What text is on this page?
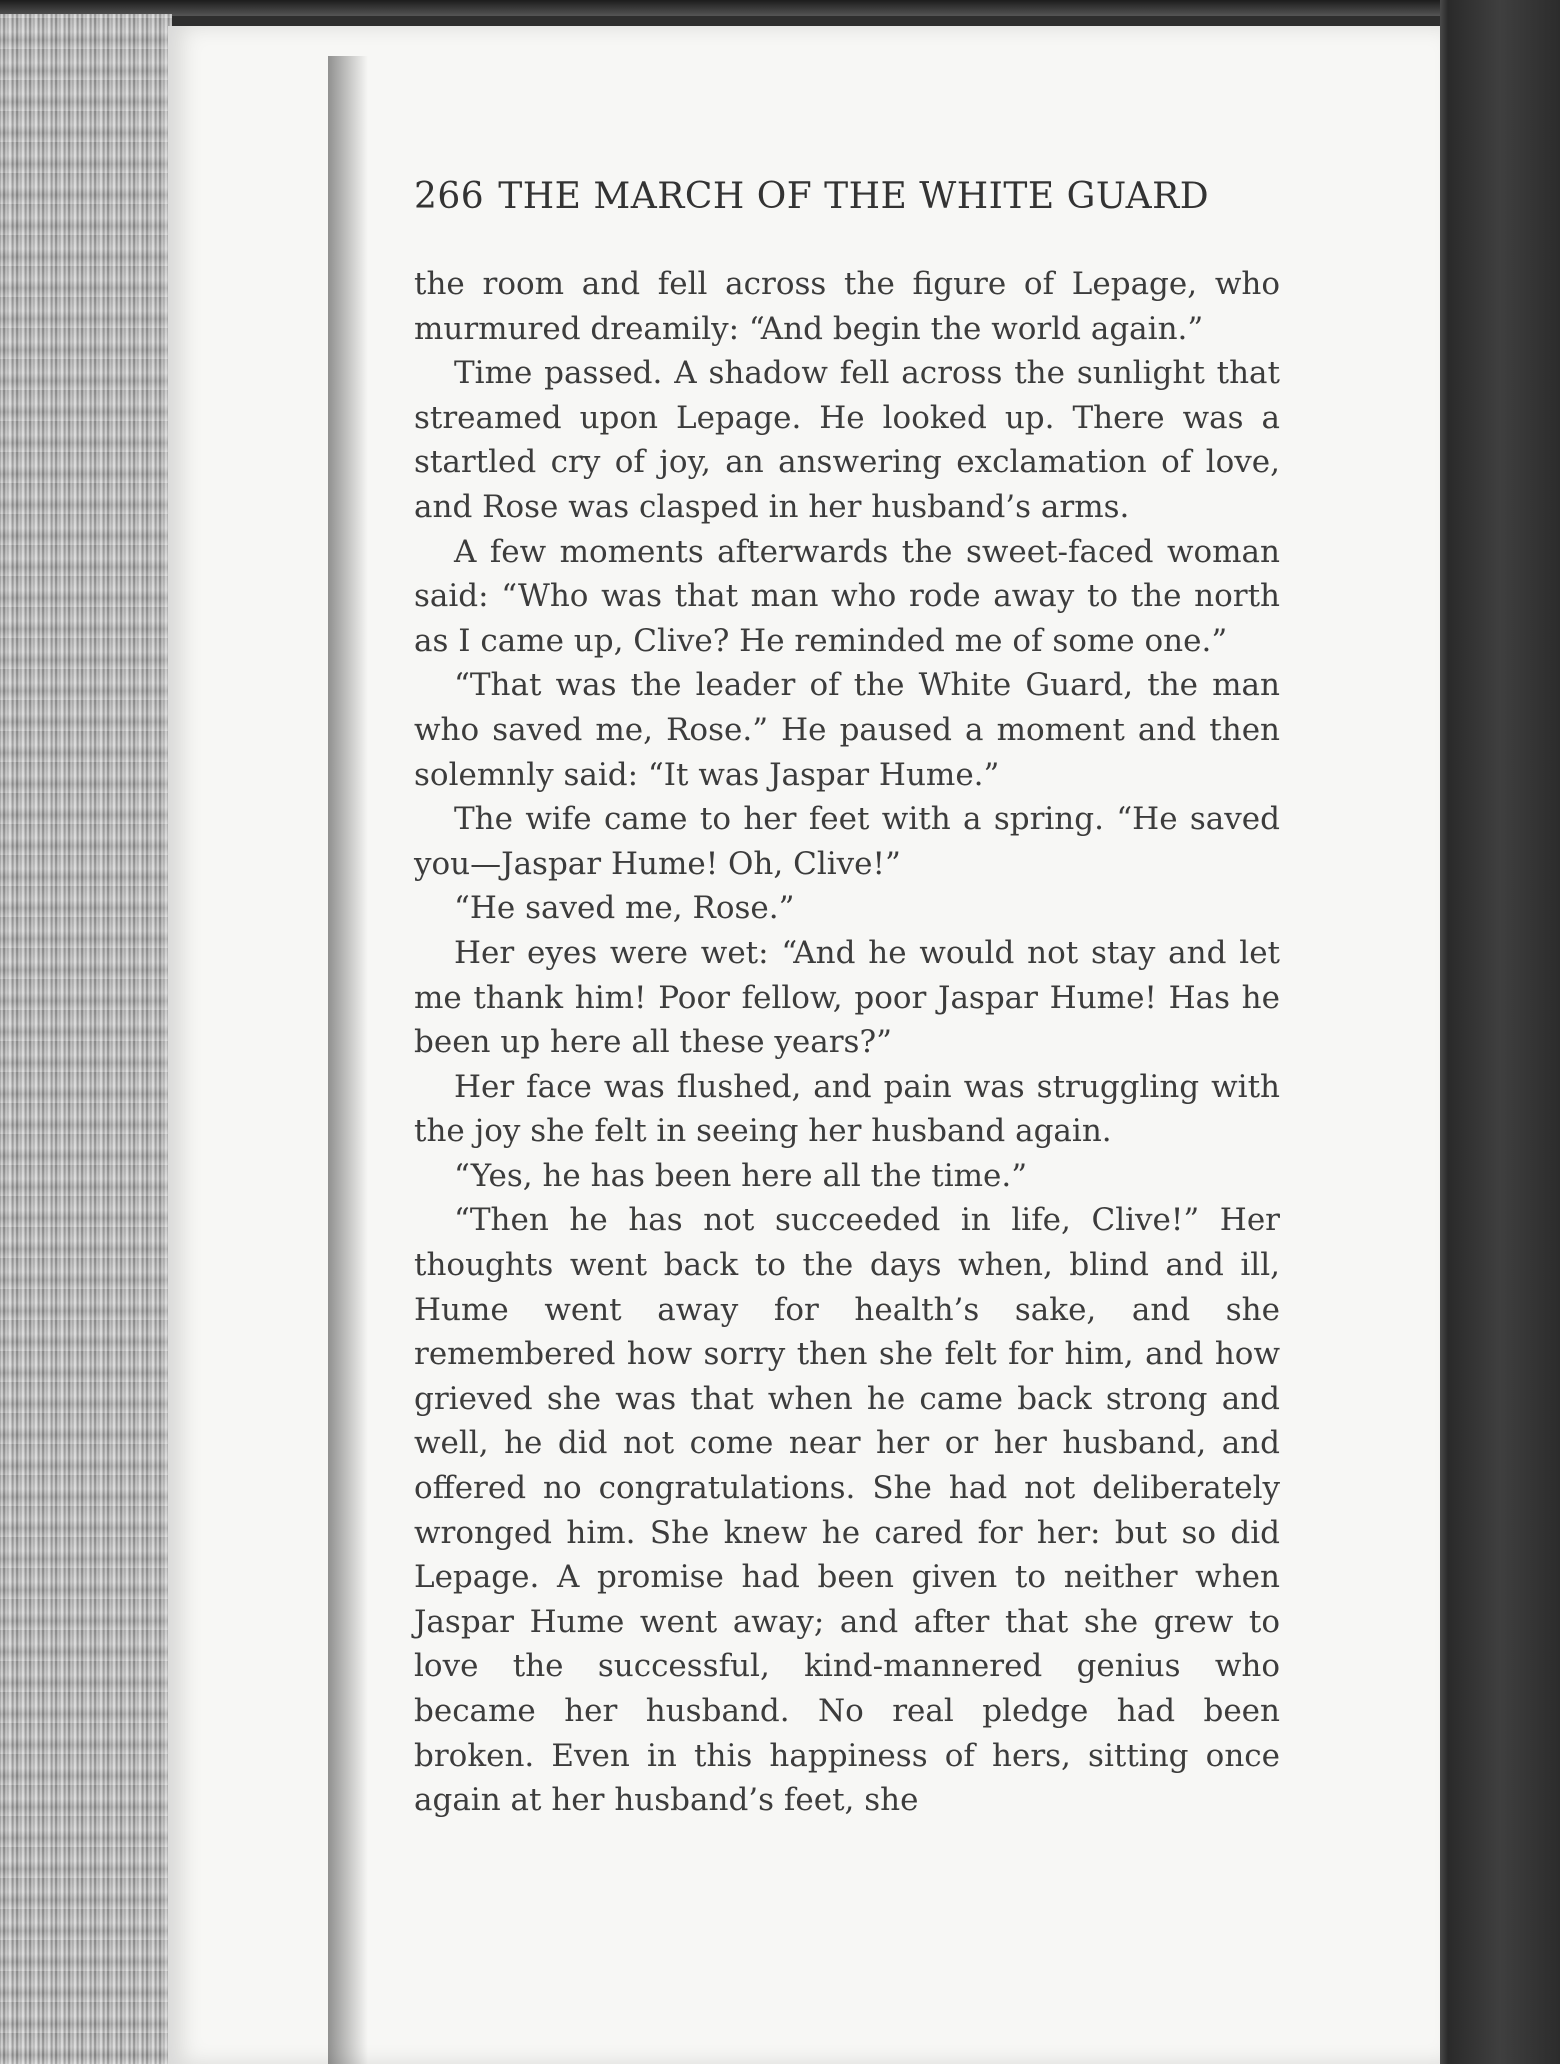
266 THE MARCH OF THE WHITE GUARD

the room and fell across the figure of Lepage, who murmured dreamily: “And begin the world again.”

Time passed. A shadow fell across the sunlight that streamed upon Lepage. He looked up. There was a startled cry of joy, an answering exclamation of love, and Rose was clasped in her husband’s arms.

A few moments afterwards the sweet-faced woman said: “Who was that man who rode away to the north as I came up, Clive? He reminded me of some one.”

“That was the leader of the White Guard, the man who saved me, Rose.” He paused a moment and then solemnly said: “It was Jaspar Hume.”

The wife came to her feet with a spring. “He saved you—Jaspar Hume! Oh, Clive!”

“He saved me, Rose.”

Her eyes were wet: “And he would not stay and let me thank him! Poor fellow, poor Jaspar Hume! Has he been up here all these years?”

Her face was flushed, and pain was struggling with the joy she felt in seeing her husband again.

“Yes, he has been here all the time.”

“Then he has not succeeded in life, Clive!” Her thoughts went back to the days when, blind and ill, Hume went away for health’s sake, and she remembered how sorry then she felt for him, and how grieved she was that when he came back strong and well, he did not come near her or her husband, and offered no congratulations. She had not deliberately wronged him. She knew he cared for her: but so did Lepage. A promise had been given to neither when Jaspar Hume went away; and after that she grew to love the successful, kind-mannered genius who became her husband. No real pledge had been broken. Even in this happiness of hers, sitting once again at her husband’s feet, she
